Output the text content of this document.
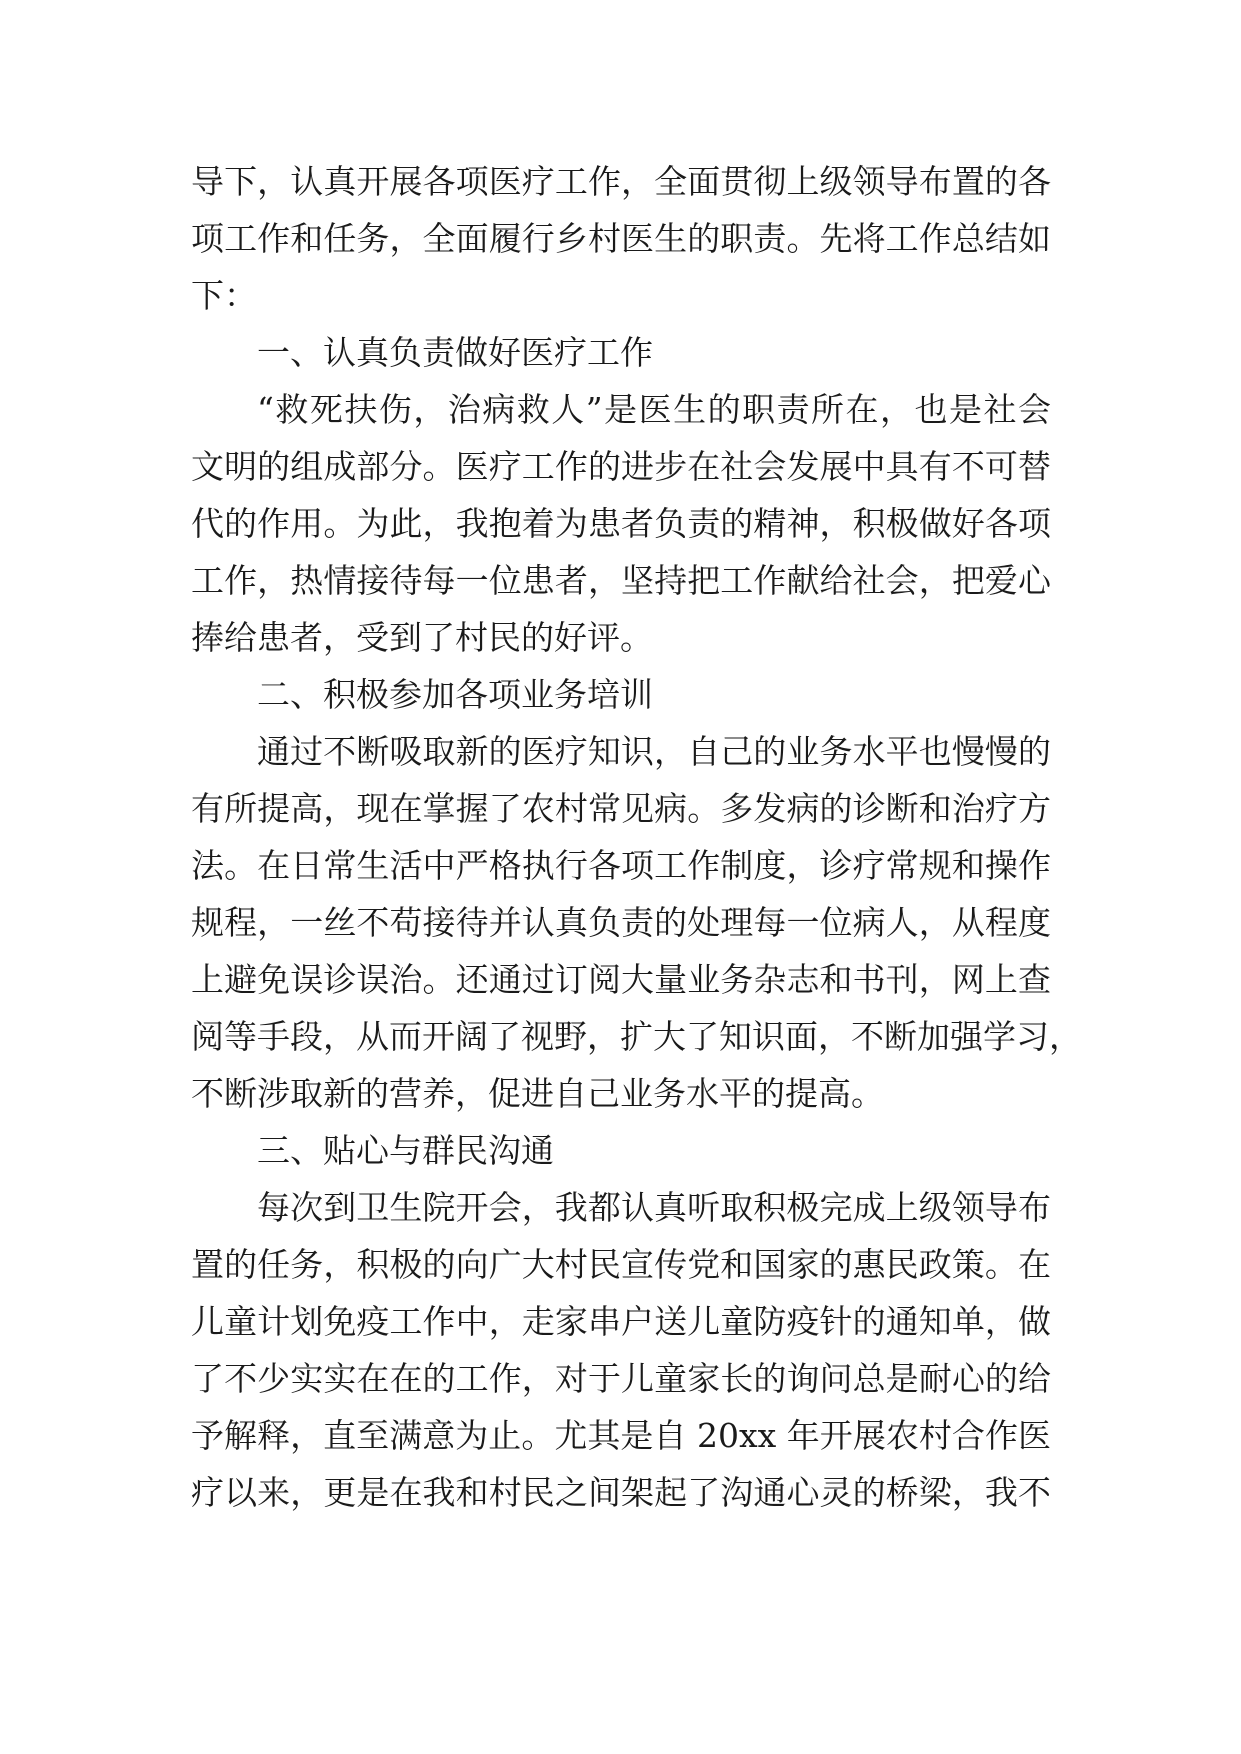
导下，认真开展各项医疗工作，全面贯彻上级领导布置的各
项工作和任务，全面履行乡村医生的职责。先将工作总结如
下：
一、认真负责做好医疗工作
“救死扶伤，治病救人”是医生的职责所在，也是社会
文明的组成部分。医疗工作的进步在社会发展中具有不可替
代的作用。为此，我抱着为患者负责的精神，积极做好各项
工作，热情接待每一位患者，坚持把工作献给社会，把爱心
捧给患者，受到了村民的好评。
二、积极参加各项业务培训
通过不断吸取新的医疗知识，自己的业务水平也慢慢的
有所提高，现在掌握了农村常见病。多发病的诊断和治疗方
法。在日常生活中严格执行各项工作制度，诊疗常规和操作
规程，一丝不苟接待并认真负责的处理每一位病人，从程度
上避免误诊误治。还通过订阅大量业务杂志和书刊，网上查
阅等手段，从而开阔了视野，扩大了知识面，不断加强学习，
不断涉取新的营养，促进自己业务水平的提高。
三、贴心与群民沟通
每次到卫生院开会，我都认真听取积极完成上级领导布
置的任务，积极的向广大村民宣传党和国家的惠民政策。在
儿童计划免疫工作中，走家串户送儿童防疫针的通知单，做
了不少实实在在的工作，对于儿童家长的询问总是耐心的给
予解释，直至满意为止。尤其是自 20xx 年开展农村合作医
疗以来，更是在我和村民之间架起了沟通心灵的桥梁，我不
